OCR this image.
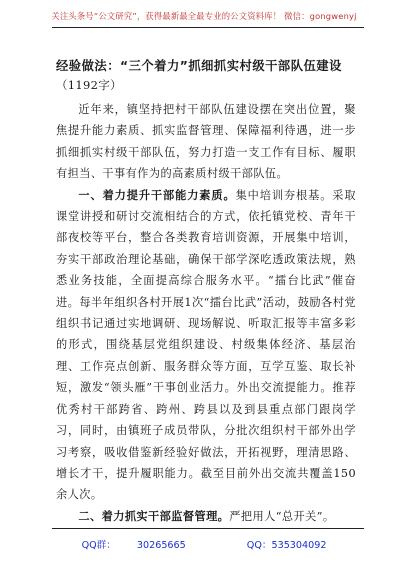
关注头条号“公文研究”，获得最新最全最专业的公文资料库！ 微信：gongwenyj
经验做法：“三个着力”抓细抓实村级干部队伍建设
（1192字）

近年来，镇坚持把村干部队伍建设摆在突出位置，聚焦提升能力素质、抓实监督管理、保障福利待遇，进一步抓细抓实村级干部队伍，努力打造一支工作有目标、履职有担当、干事有作为的高素质村级干部队伍。

一、着力提升干部能力素质。集中培训夯根基。采取课堂讲授和研讨交流相结合的方式，依托镇党校、青年干部夜校等平台，整合各类教育培训资源，开展集中培训，夯实干部政治理论基础，确保干部学深吃透政策法规，熟悉业务技能，全面提高综合服务水平。“擂台比武”催奋进。每半年组织各村开展1次“擂台比武”活动，鼓励各村党组织书记通过实地调研、现场解说、听取汇报等丰富多彩的形式，围绕基层党组织建设、村级集体经济、基层治理、工作亮点创新、服务群众等方面，互学互鉴、取长补短，激发“领头雁”干事创业活力。外出交流提能力。推荐优秀村干部跨省、跨州、跨县以及到县重点部门跟岗学习，同时，由镇班子成员带队，分批次组织村干部外出学习考察，吸收借鉴新经验好做法，开拓视野，理清思路、增长才干，提升履职能力。截至目前外出交流共覆盖150余人次。

二、着力抓实干部监督管理。严把用人“总开关”。

QQ群： 30265665	QQ：535304092
